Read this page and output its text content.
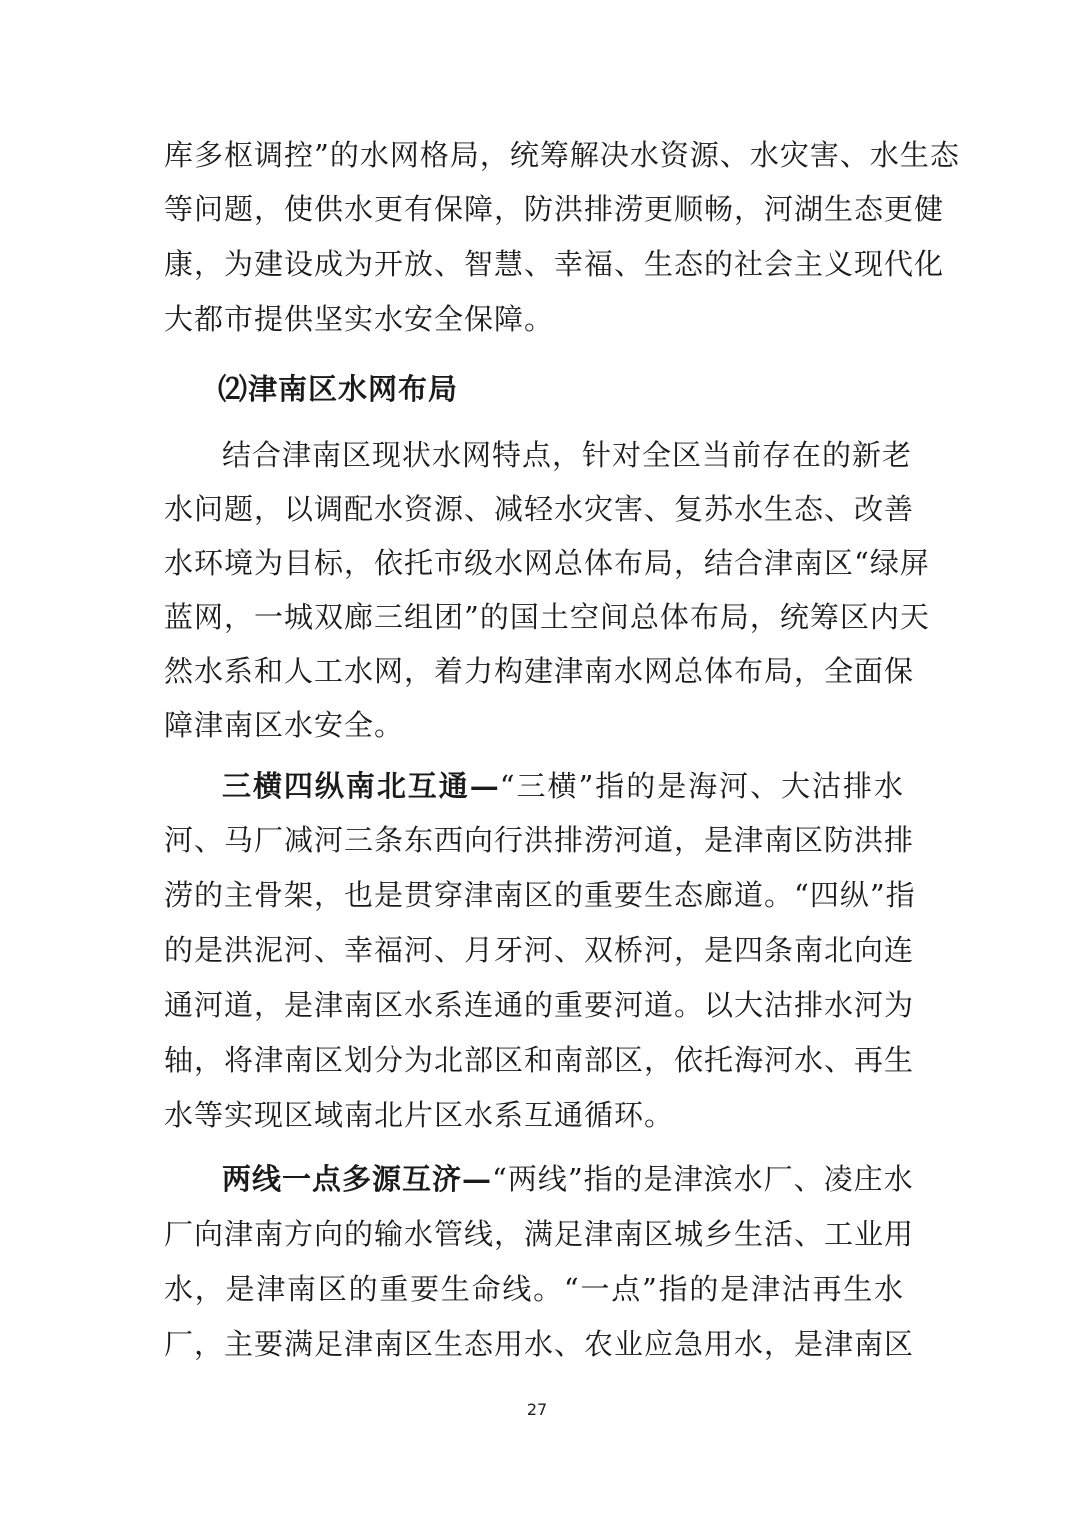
库多枢调控”的水网格局，统筹解决水资源、水灾害、水生态
等问题，使供水更有保障，防洪排涝更顺畅，河湖生态更健
康，为建设成为开放、智慧、幸福、生态的社会主义现代化
大都市提供坚实水安全保障。
⑵津南区水网布局
结合津南区现状水网特点，针对全区当前存在的新老
水问题，以调配水资源、减轻水灾害、复苏水生态、改善
水环境为目标，依托市级水网总体布局，结合津南区“绿屏
蓝网，一城双廊三组团”的国土空间总体布局，统筹区内天
然水系和人工水网，着力构建津南水网总体布局，全面保
障津南区水安全。
三横四纵南北互通—“三横”指的是海河、大沽排水
河、马厂减河三条东西向行洪排涝河道，是津南区防洪排
涝的主骨架，也是贯穿津南区的重要生态廊道。“四纵”指
的是洪泥河、幸福河、月牙河、双桥河，是四条南北向连
通河道，是津南区水系连通的重要河道。以大沽排水河为
轴，将津南区划分为北部区和南部区，依托海河水、再生
水等实现区域南北片区水系互通循环。
两线一点多源互济—“两线”指的是津滨水厂、凌庄水
厂向津南方向的输水管线，满足津南区城乡生活、工业用
水，是津南区的重要生命线。“一点”指的是津沽再生水
厂，主要满足津南区生态用水、农业应急用水，是津南区
27
